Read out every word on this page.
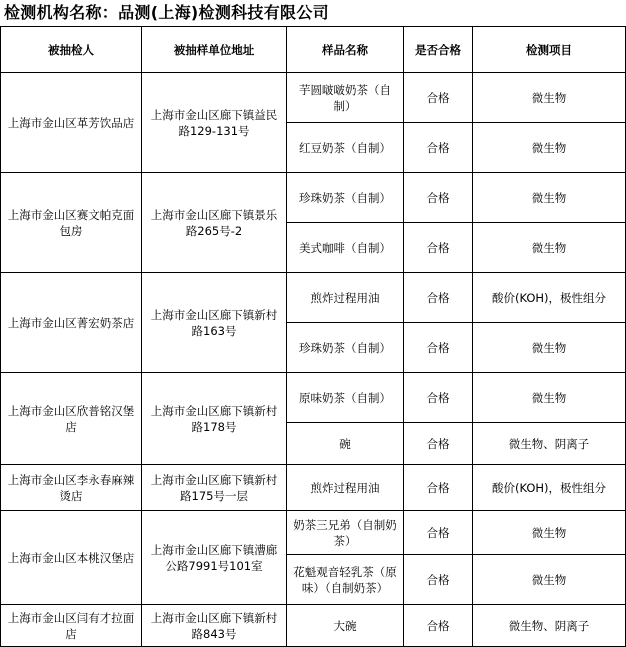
检测机构名称：品测(上海)检测科技有限公司
被抽检人	被抽样单位地址	样品名称	是否合格	检测项目
上海市金山区革芳饮品店	上海市金山区廊下镇益民路129-131号	芋圆啵啵奶茶（自制）	合格	微生物
		红豆奶茶（自制）	合格	微生物
上海市金山区赛文帕克面包房	上海市金山区廊下镇景乐路265号-2	珍珠奶茶（自制）	合格	微生物
		美式咖啡（自制）	合格	微生物
上海市金山区菁宏奶茶店	上海市金山区廊下镇新村路163号	煎炸过程用油	合格	酸价(KOH)，极性组分
		珍珠奶茶（自制）	合格	微生物
上海市金山区欣普铭汉堡店	上海市金山区廊下镇新村路178号	原味奶茶（自制）	合格	微生物
		碗	合格	微生物、阴离子
上海市金山区李永春麻辣烫店	上海市金山区廊下镇新村路175号一层	煎炸过程用油	合格	酸价(KOH)，极性组分
上海市金山区本桃汉堡店	上海市金山区廊下镇漕廊公路7991号101室	奶茶三兄弟（自制奶茶）	合格	微生物
		花魁观音轻乳茶（原味）（自制奶茶）	合格	微生物
上海市金山区闫有才拉面店	上海市金山区廊下镇新村路843号	大碗	合格	微生物、阴离子
